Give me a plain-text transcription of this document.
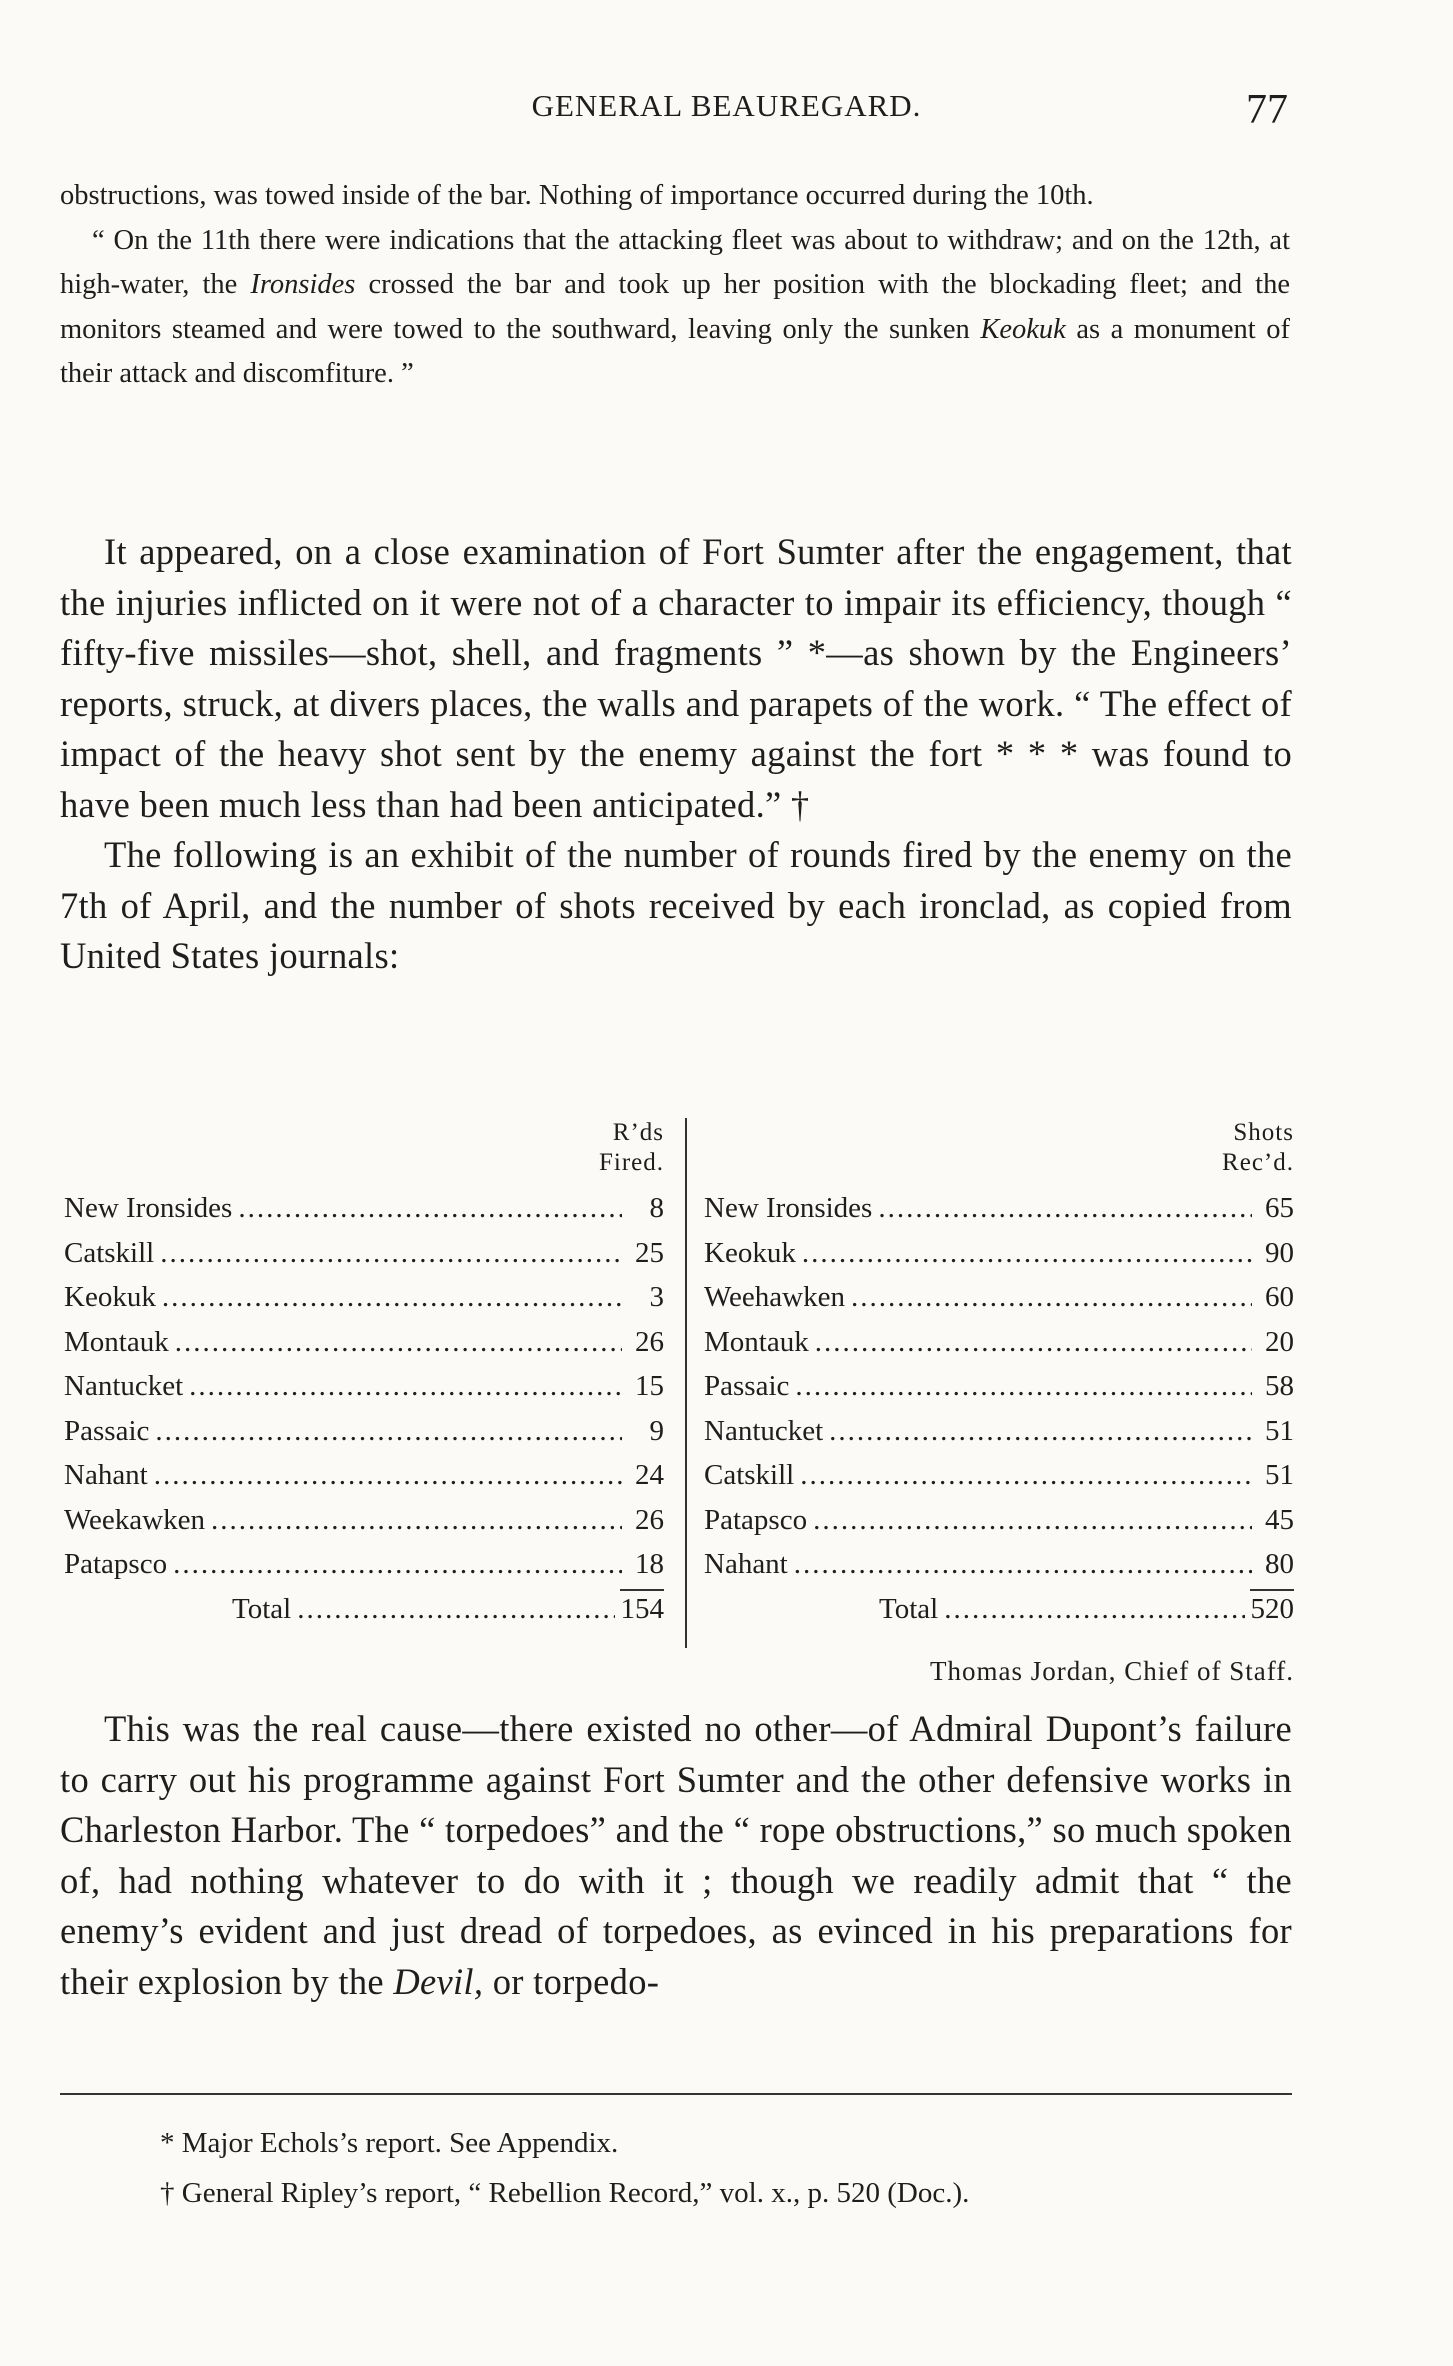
GENERAL BEAUREGARD.	77

obstructions, was towed inside of the bar. Nothing of importance occurred during the 10th.

“ On the 11th there were indications that the attacking fleet was about to withdraw; and on the 12th, at high-water, the Ironsides crossed the bar and took up her position with the blockading fleet; and the monitors steamed and were towed to the southward, leaving only the sunken Keokuk as a monument of their attack and discomfiture. ”

It appeared, on a close examination of Fort Sumter after the engagement, that the injuries inflicted on it were not of a character to impair its efficiency, though “ fifty-five missiles—shot, shell, and fragments ” *—as shown by the Engineers’ reports, struck, at divers places, the walls and parapets of the work. “ The effect of impact of the heavy shot sent by the enemy against the fort * * * was found to have been much less than had been anticipated.” †

The following is an exhibit of the number of rounds fired by the enemy on the 7th of April, and the number of shots received by each ironclad, as copied from United States journals:

R’ds
Fired.
New Ironsides .....	8
Catskill .....	25
Keokuk .....	3
Montauk .....	26
Nantucket .....	15
Passaic .....	9
Nahant .....	24
Weekawken .....	26
Patapsco .....	18
Total .....	154
Shots
Rec’d.
New Ironsides .....	65
Keokuk .....	90
Weehawken .....	60
Montauk .....	20
Passaic .....	58
Nantucket .....	51
Catskill .....	51
Patapsco .....	45
Nahant .....	80
Total .....	520
Thomas Jordan, Chief of Staff.

This was the real cause—there existed no other—of Admiral Dupont’s failure to carry out his programme against Fort Sumter and the other defensive works in Charleston Harbor. The “ torpedoes” and the “ rope obstructions,” so much spoken of, had nothing whatever to do with it ; though we readily admit that “ the enemy’s evident and just dread of torpedoes, as evinced in his preparations for their explosion by the Devil, or torpedo-

* Major Echols’s report. See Appendix.
† General Ripley’s report, “ Rebellion Record,” vol. x., p. 520 (Doc.).
